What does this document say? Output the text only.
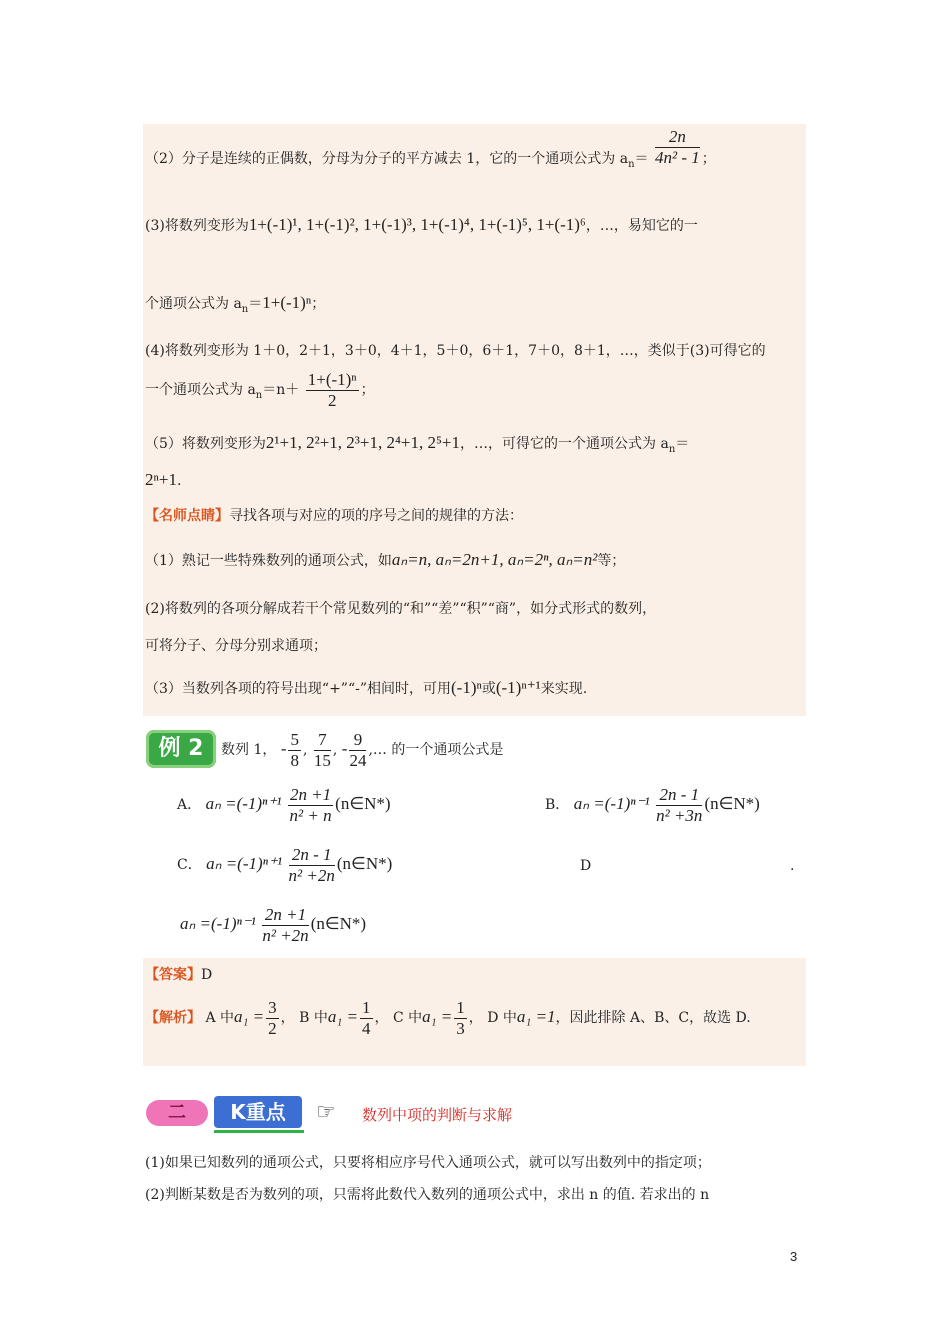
（2）分子是连续的正偶数，分母为分子的平方减去 1，它的一个通项公式为 $a_n= \frac{2n}{\text{4n² - 1}}$ ；
(3)将数列变形为1+(-1)¹, 1+(-1)², 1+(-1)³, 1+(-1)⁴, 1+(-1)⁵, 1+(-1)⁶，…，易知它的一
个通项公式为 $a_n=1+(-1)^n$；
(4)将数列变形为 1＋0，2＋1，3＋0，4＋1，5＋0，6＋1，7＋0，8＋1，…，类似于(3)可得它的
一个通项公式为 $a_n=n+ \frac{\text{1+(-1)ⁿ}}{2}$ ；
（5）将数列变形为2¹+1, 2²+1, 2³+1, 2⁴+1, 2⁵+1，…，可得它的一个通项公式为 $a_n=$
2ⁿ+1.
【名师点睛】寻找各项与对应的项的序号之间的规律的方法：
（1）熟记一些特殊数列的通项公式，如aₙ=n, aₙ=2n+1, aₙ=2ⁿ, aₙ=n²等；
(2)将数列的各项分解成若干个常见数列的“和”“差”“积”“商”，如分式形式的数列，
可将分子、分母分别求通项；
（3）当数列各项的符号出现“+”“-”相间时，可用(-1)ⁿ或(-1)ⁿ⁺¹来实现.
例 2	数列 1， - $\frac{5}{8}$ , $\frac{7}{15}$ , - $\frac{9}{24}$ ,… 的一个通项公式是
A． $a_n =(-1)^{n+1} \frac{2n +1}{\text{n² + n}}$ (n∈N*)	B． $a_n =(-1)^{n-1} \frac{2n - 1}{\text{n² +3n}}$ (n∈N*)
C． $a_n =(-1)^{n+1} \frac{2n - 1}{\text{n² +2n}}$ (n∈N*)	D	.
$a_n =(-1)^{n-1} \frac{2n +1}{\text{n² +2n}}$ (n∈N*)
【答案】D
【解析】 A 中$a_1 = \frac{3}{2}$ ， B 中$a_1 = \frac{1}{4}$ ， C 中$a_1 = \frac{1}{3}$ ， D 中a₁ =1，因此排除 A、B、C，故选 D.
二	K重点	☞ 数列中项的判断与求解
(1)如果已知数列的通项公式，只要将相应序号代入通项公式，就可以写出数列中的指定项；
(2)判断某数是否为数列的项，只需将此数代入数列的通项公式中，求出 n 的值. 若求出的 n
3
